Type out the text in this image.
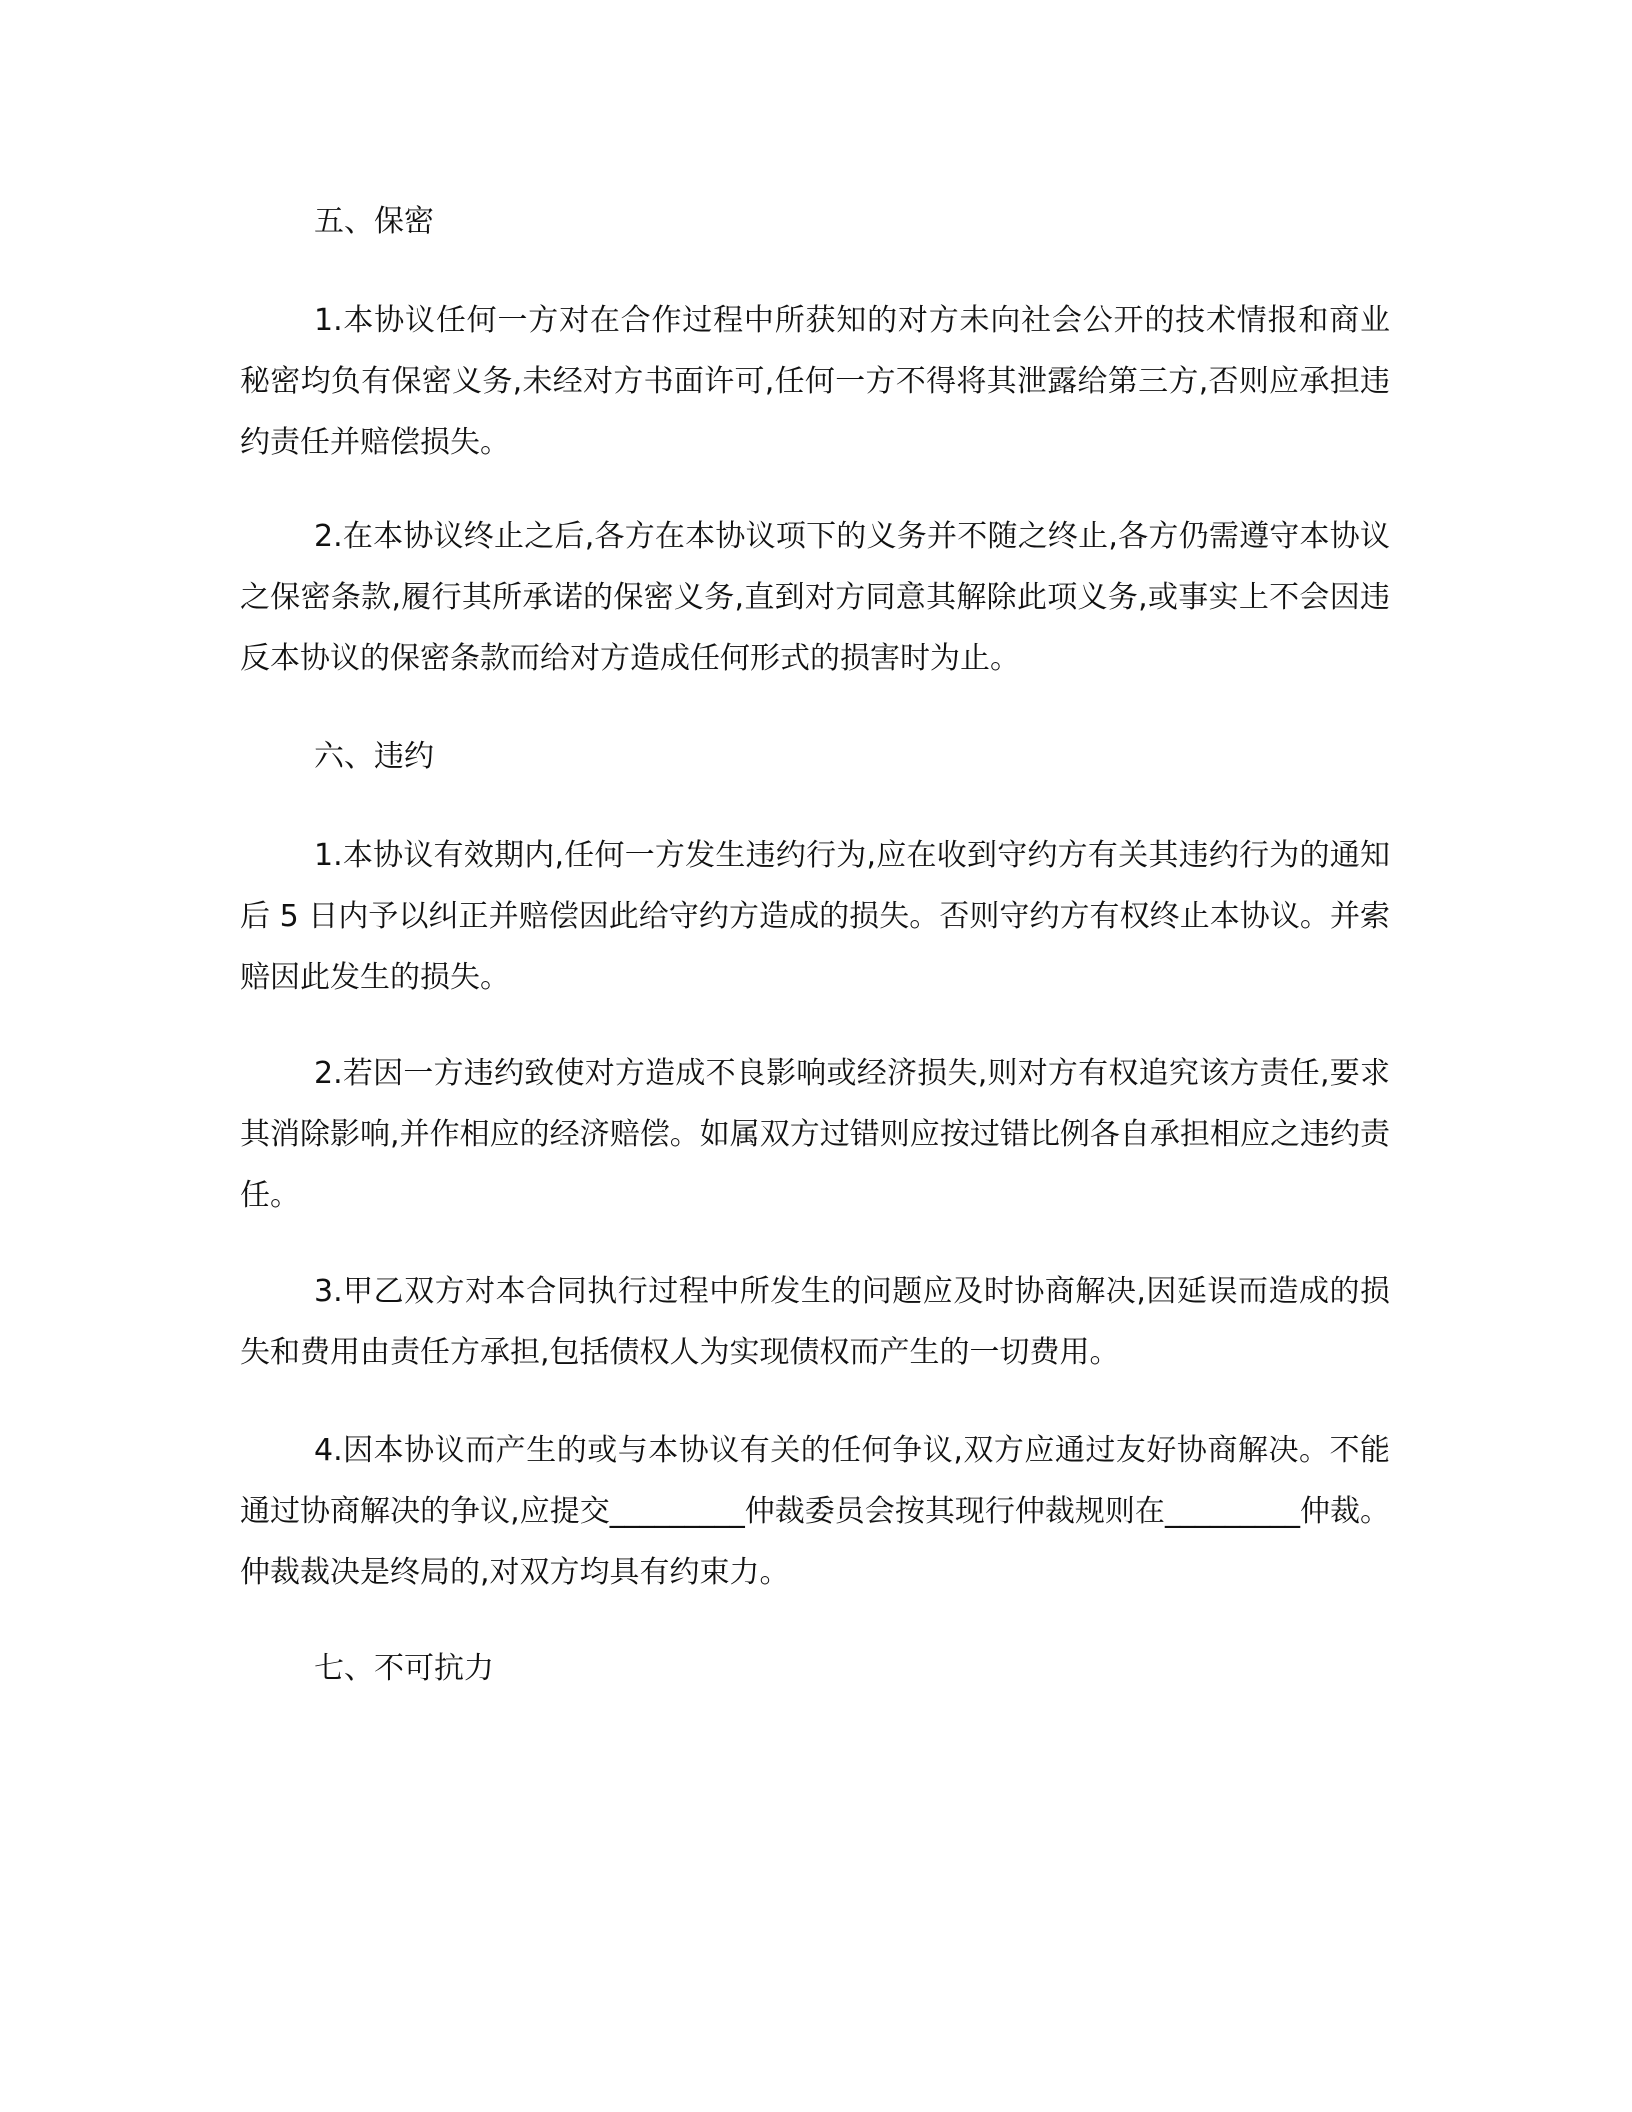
五、保密

1.本协议任何一方对在合作过程中所获知的对方未向社会公开的技术情报和商业秘密均负有保密义务,未经对方书面许可,任何一方不得将其泄露给第三方,否则应承担违约责任并赔偿损失。

2.在本协议终止之后,各方在本协议项下的义务并不随之终止,各方仍需遵守本协议之保密条款,履行其所承诺的保密义务,直到对方同意其解除此项义务,或事实上不会因违反本协议的保密条款而给对方造成任何形式的损害时为止。

六、违约

1.本协议有效期内,任何一方发生违约行为,应在收到守约方有关其违约行为的通知后 5 日内予以纠正并赔偿因此给守约方造成的损失。否则守约方有权终止本协议。并索赔因此发生的损失。

2.若因一方违约致使对方造成不良影响或经济损失,则对方有权追究该方责任,要求其消除影响,并作相应的经济赔偿。如属双方过错则应按过错比例各自承担相应之违约责任。

3.甲乙双方对本合同执行过程中所发生的问题应及时协商解决,因延误而造成的损失和费用由责任方承担,包括债权人为实现债权而产生的一切费用。

4.因本协议而产生的或与本协议有关的任何争议,双方应通过友好协商解决。不能通过协商解决的争议,应提交_________仲裁委员会按其现行仲裁规则在_________仲裁。仲裁裁决是终局的,对双方均具有约束力。

七、不可抗力
